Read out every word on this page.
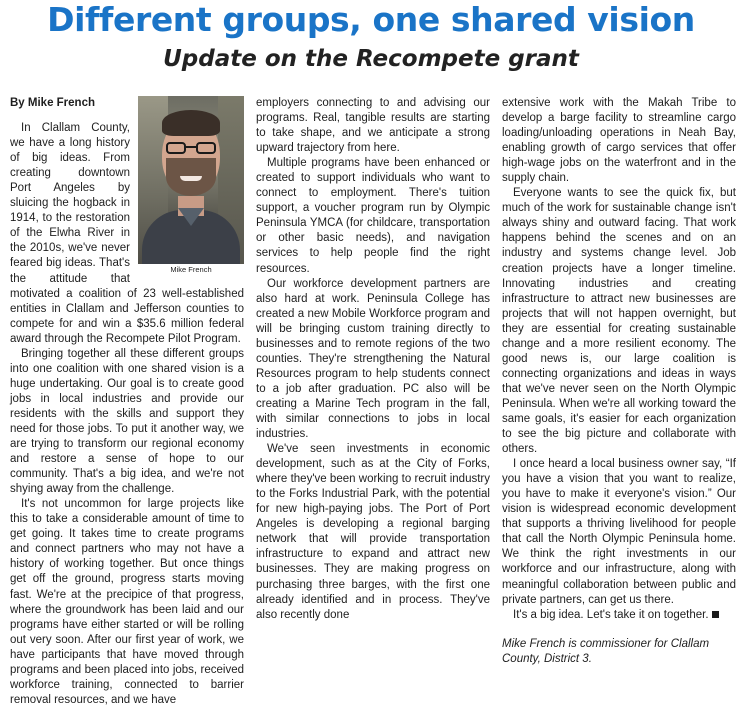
Different groups, one shared vision
Update on the Recompete grant

Mike French

By Mike French

In Clallam County, we have a long history of big ideas. From creating downtown Port Angeles by sluicing the hogback in 1914, to the restoration of the Elwha River in the 2010s, we've never feared big ideas. That's the attitude that motivated a coalition of 23 well-established entities in Clallam and Jefferson counties to compete for and win a $35.6 million federal award through the Recompete Pilot Program.

Bringing together all these different groups into one coalition with one shared vision is a huge undertaking. Our goal is to create good jobs in local industries and provide our residents with the skills and support they need for those jobs. To put it another way, we are trying to transform our regional economy and restore a sense of hope to our community. That's a big idea, and we're not shying away from the challenge.

It's not uncommon for large projects like this to take a considerable amount of time to get going. It takes time to create programs and connect partners who may not have a history of working together. But once things get off the ground, progress starts moving fast. We're at the precipice of that progress, where the groundwork has been laid and our programs have either started or will be rolling out very soon. After our first year of work, we have participants that have moved through programs and been placed into jobs, received workforce training, connected to barrier removal resources, and we have

employers connecting to and advising our programs. Real, tangible results are starting to take shape, and we anticipate a strong upward trajectory from here.

Multiple programs have been enhanced or created to support individuals who want to connect to employment. There's tuition support, a voucher program run by Olympic Peninsula YMCA (for childcare, transportation or other basic needs), and navigation services to help people find the right resources.

Our workforce development partners are also hard at work. Peninsula College has created a new Mobile Workforce program and will be bringing custom training directly to businesses and to remote regions of the two counties. They're strengthening the Natural Resources program to help students connect to a job after graduation. PC also will be creating a Marine Tech program in the fall, with similar connections to jobs in local industries.

We've seen investments in economic development, such as at the City of Forks, where they've been working to recruit industry to the Forks Industrial Park, with the potential for new high-paying jobs. The Port of Port Angeles is developing a regional barging network that will provide transportation infrastructure to expand and attract new businesses. They are making progress on purchasing three barges, with the first one already identified and in process. They've also recently done

extensive work with the Makah Tribe to develop a barge facility to streamline cargo loading/unloading operations in Neah Bay, enabling growth of cargo services that offer high-wage jobs on the waterfront and in the supply chain.

Everyone wants to see the quick fix, but much of the work for sustainable change isn't always shiny and outward facing. That work happens behind the scenes and on an industry and systems change level. Job creation projects have a longer timeline. Innovating industries and creating infrastructure to attract new businesses are projects that will not happen overnight, but they are essential for creating sustainable change and a more resilient economy. The good news is, our large coalition is connecting organizations and ideas in ways that we've never seen on the North Olympic Peninsula. When we're all working toward the same goals, it's easier for each organization to see the big picture and collaborate with others.

I once heard a local business owner say, “If you have a vision that you want to realize, you have to make it everyone's vision.” Our vision is widespread economic development that supports a thriving livelihood for people that call the North Olympic Peninsula home. We think the right investments in our workforce and our infrastructure, along with meaningful collaboration between public and private partners, can get us there.

It's a big idea. Let's take it on together.

Mike French is commissioner for Clallam County, District 3.
